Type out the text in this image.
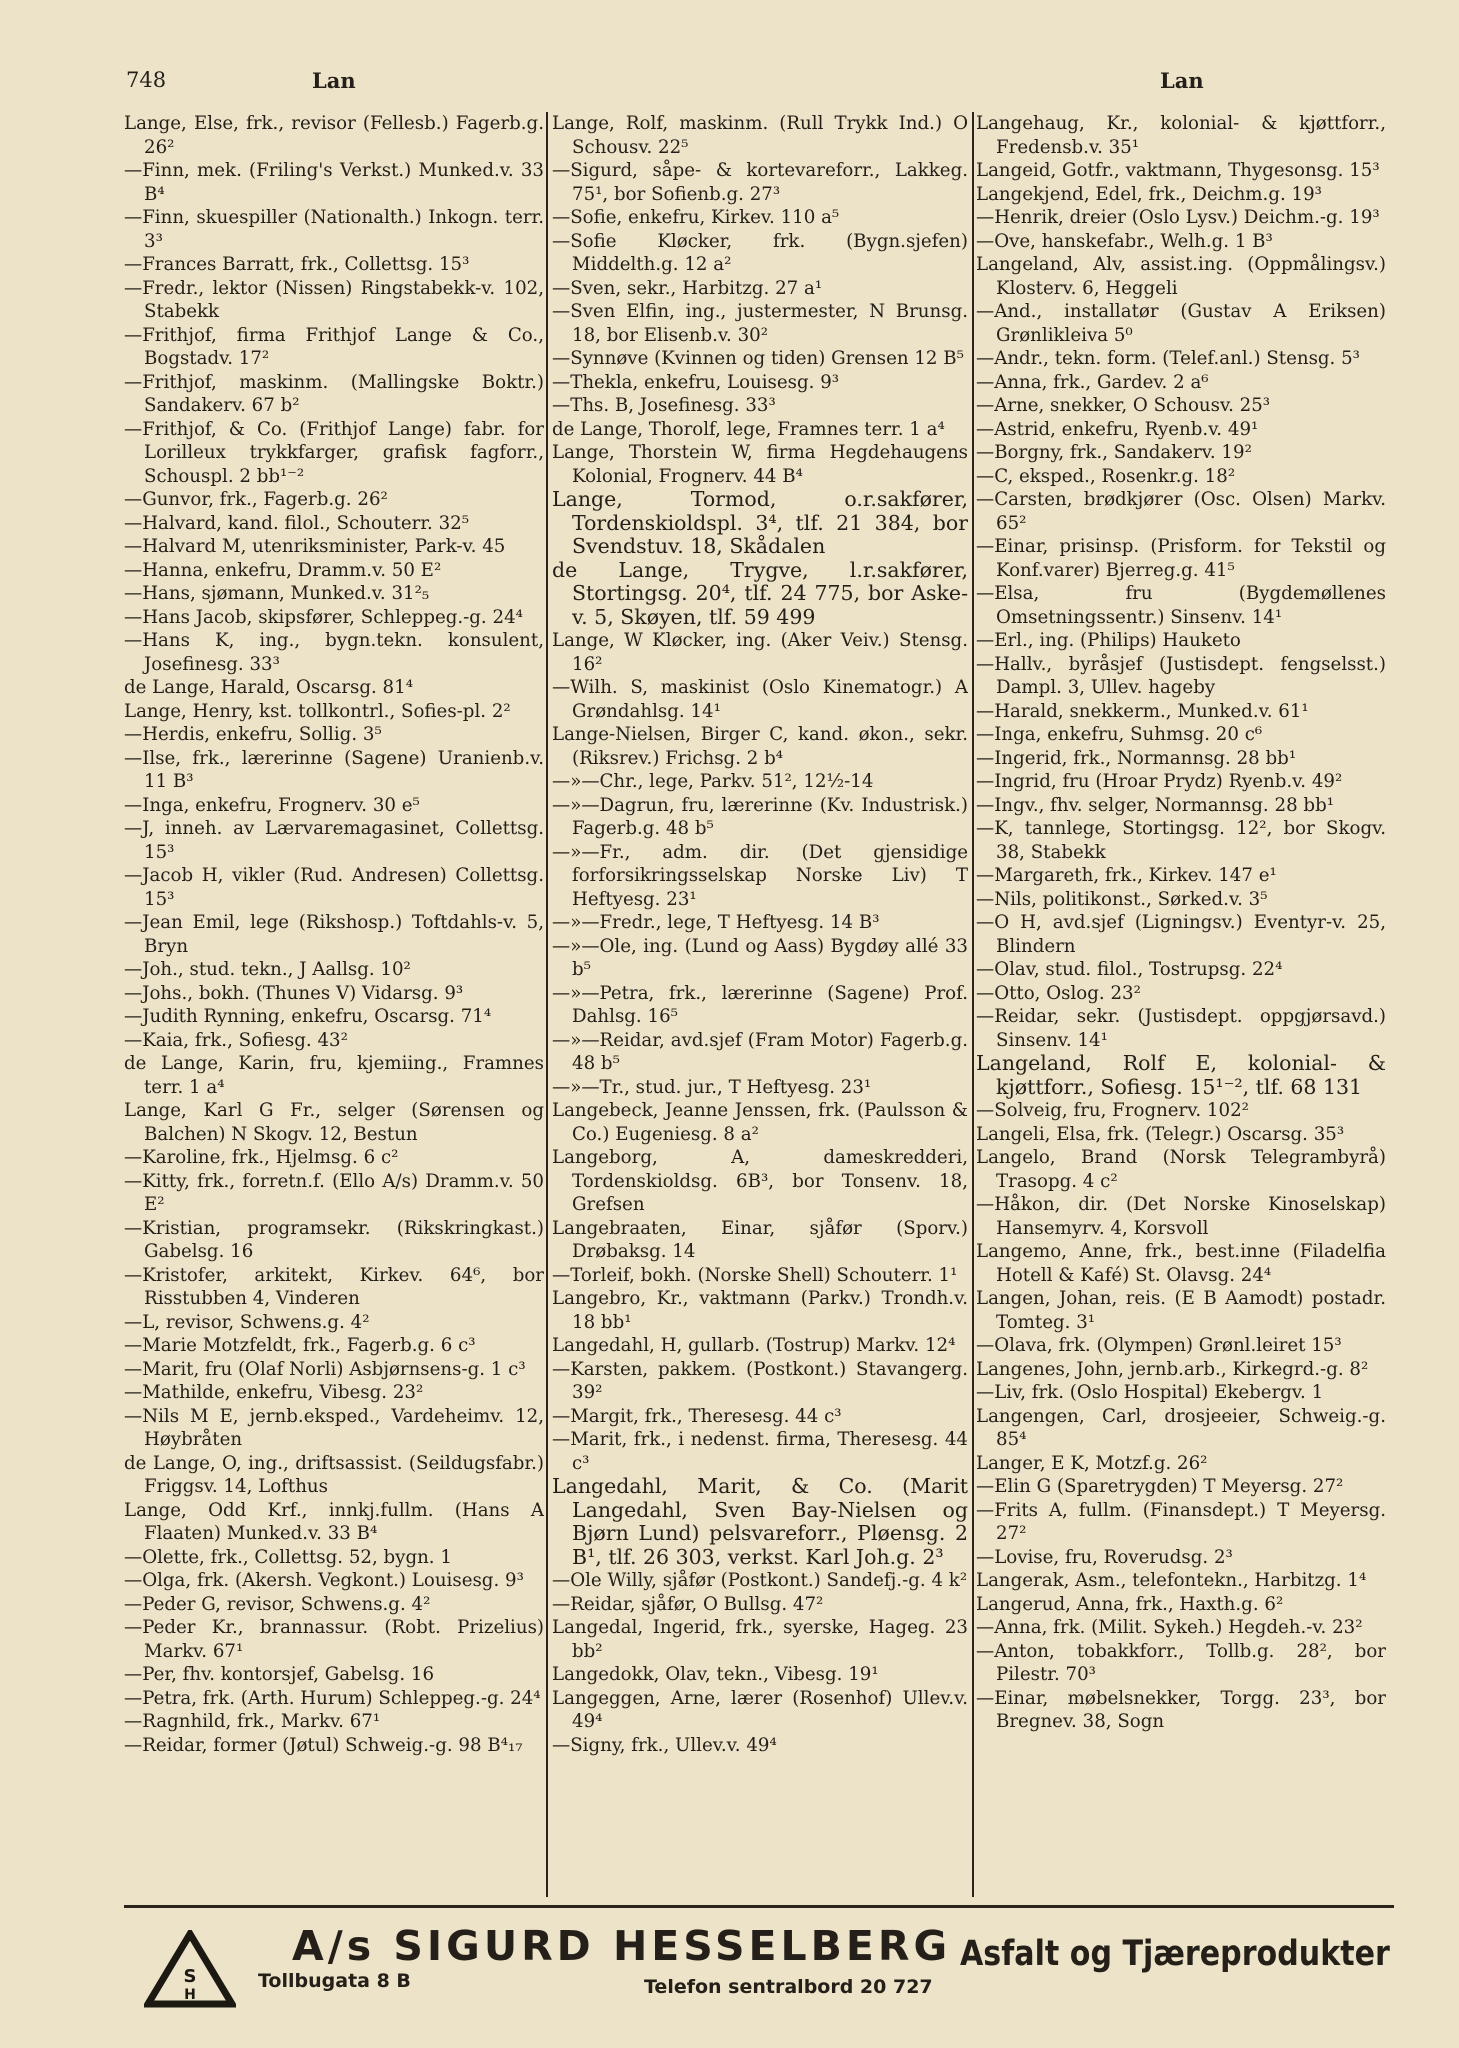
748	Lan	Lan
Lange, Else, frk., revisor (Fellesb.) Fagerb.g. 26²
—Finn, mek. (Friling's Verkst.) Munked.v. 33 B⁴
—Finn, skuespiller (Nationalth.) Inkogn. terr. 3³
—Frances Barratt, frk., Collettsg. 15³
—Fredr., lektor (Nissen) Ringstabekk-v. 102, Stabekk
—Frithjof, firma Frithjof Lange & Co., Bogstadv. 17²
—Frithjof, maskinm. (Mallingske Boktr.) Sandakerv. 67 b²
—Frithjof, & Co. (Frithjof Lange) fabr. for Lorilleux trykkfarger, grafisk fagforr., Schouspl. 2 bb¹⁻²
—Gunvor, frk., Fagerb.g. 26²
—Halvard, kand. filol., Schouterr. 32⁵
—Halvard M, utenriksminister, Park-v. 45
—Hanna, enkefru, Dramm.v. 50 E²
—Hans, sjømann, Munked.v. 31²₅
—Hans Jacob, skipsfører, Schleppeg.-g. 24⁴
—Hans K, ing., bygn.tekn. konsulent, Josefinesg. 33³
de Lange, Harald, Oscarsg. 81⁴
Lange, Henry, kst. tollkontrl., Sofies-pl. 2²
—Herdis, enkefru, Sollig. 3⁵
—Ilse, frk., lærerinne (Sagene) Uranienb.v. 11 B³
—Inga, enkefru, Frognerv. 30 e⁵
—J, inneh. av Lærvaremagasinet, Collettsg. 15³
—Jacob H, vikler (Rud. Andresen) Collettsg. 15³
—Jean Emil, lege (Rikshosp.) Toftdahls-v. 5, Bryn
—Joh., stud. tekn., J Aallsg. 10²
—Johs., bokh. (Thunes V) Vidarsg. 9³
—Judith Rynning, enkefru, Oscarsg. 71⁴
—Kaia, frk., Sofiesg. 43²
de Lange, Karin, fru, kjemiing., Framnes terr. 1 a⁴
Lange, Karl G Fr., selger (Sørensen og Balchen) N Skogv. 12, Bestun
—Karoline, frk., Hjelmsg. 6 c²
—Kitty, frk., forretn.f. (Ello A/s) Dramm.v. 50 E²
—Kristian, programsekr. (Rikskringkast.) Gabelsg. 16
—Kristofer, arkitekt, Kirkev. 64⁶, bor Risstubben 4, Vinderen
—L, revisor, Schwens.g. 4²
—Marie Motzfeldt, frk., Fagerb.g. 6 c³
—Marit, fru (Olaf Norli) Asbjørnsens-g. 1 c³
—Mathilde, enkefru, Vibesg. 23²
—Nils M E, jernb.eksped., Vardeheimv. 12, Høybråten
de Lange, O, ing., driftsassist. (Seildugsfabr.) Friggsv. 14, Lofthus
Lange, Odd Krf., innkj.fullm. (Hans A Flaaten) Munked.v. 33 B⁴
—Olette, frk., Collettsg. 52, bygn. 1
—Olga, frk. (Akersh. Vegkont.) Louisesg. 9³
—Peder G, revisor, Schwens.g. 4²
—Peder Kr., brannassur. (Robt. Prizelius) Markv. 67¹
—Per, fhv. kontorsjef, Gabelsg. 16
—Petra, frk. (Arth. Hurum) Schleppeg.-g. 24⁴
—Ragnhild, frk., Markv. 67¹
—Reidar, former (Jøtul) Schweig.-g. 98 B⁴₁₇
Lange, Rolf, maskinm. (Rull Trykk Ind.) O Schousv. 22⁵
—Sigurd, såpe- & kortevareforr., Lakkeg. 75¹, bor Sofienb.g. 27³
—Sofie, enkefru, Kirkev. 110 a⁵
—Sofie Kløcker, frk. (Bygn.sjefen) Middelth.g. 12 a²
—Sven, sekr., Harbitzg. 27 a¹
—Sven Elfin, ing., justermester, N Brunsg. 18, bor Elisenb.v. 30²
—Synnøve (Kvinnen og tiden) Grensen 12 B⁵
—Thekla, enkefru, Louisesg. 9³
—Ths. B, Josefinesg. 33³
de Lange, Thorolf, lege, Framnes terr. 1 a⁴
Lange, Thorstein W, firma Hegdehaugens Kolonial, Frognerv. 44 B⁴
Lange, Tormod, o.r.sakfører, Tordenskioldspl. 3⁴, tlf. 21 384, bor Svendstuv. 18, Skådalen
de Lange, Trygve, l.r.sakfører, Stortingsg. 20⁴, tlf. 24 775, bor Aske-v. 5, Skøyen, tlf. 59 499
Lange, W Kløcker, ing. (Aker Veiv.) Stensg. 16²
—Wilh. S, maskinist (Oslo Kinematogr.) A Grøndahlsg. 14¹
Lange-Nielsen, Birger C, kand. økon., sekr. (Riksrev.) Frichsg. 2 b⁴
—»—Chr., lege, Parkv. 51², 12½-14
—»—Dagrun, fru, lærerinne (Kv. Industrisk.) Fagerb.g. 48 b⁵
—»—Fr., adm. dir. (Det gjensidige forforsikringsselskap Norske Liv) T Heftyesg. 23¹
—»—Fredr., lege, T Heftyesg. 14 B³
—»—Ole, ing. (Lund og Aass) Bygdøy allé 33 b⁵
—»—Petra, frk., lærerinne (Sagene) Prof. Dahlsg. 16⁵
—»—Reidar, avd.sjef (Fram Motor) Fagerb.g. 48 b⁵
—»—Tr., stud. jur., T Heftyesg. 23¹
Langebeck, Jeanne Jenssen, frk. (Paulsson & Co.) Eugeniesg. 8 a²
Langeborg, A, dameskredderi, Tordenskioldsg. 6B³, bor Tonsenv. 18, Grefsen
Langebraaten, Einar, sjåfør (Sporv.) Drøbaksg. 14
—Torleif, bokh. (Norske Shell) Schouterr. 1¹
Langebro, Kr., vaktmann (Parkv.) Trondh.v. 18 bb¹
Langedahl, H, gullarb. (Tostrup) Markv. 12⁴
—Karsten, pakkem. (Postkont.) Stavangerg. 39²
—Margit, frk., Theresesg. 44 c³
—Marit, frk., i nedenst. firma, Theresesg. 44 c³
Langedahl, Marit, & Co. (Marit Langedahl, Sven Bay-Nielsen og Bjørn Lund) pelsvareforr., Pløensg. 2 B¹, tlf. 26 303, verkst. Karl Joh.g. 2³
—Ole Willy, sjåfør (Postkont.) Sandefj.-g. 4 k²
—Reidar, sjåfør, O Bullsg. 47²
Langedal, Ingerid, frk., syerske, Hageg. 23 bb²
Langedokk, Olav, tekn., Vibesg. 19¹
Langeggen, Arne, lærer (Rosenhof) Ullev.v. 49⁴
—Signy, frk., Ullev.v. 49⁴
Langehaug, Kr., kolonial- & kjøttforr., Fredensb.v. 35¹
Langeid, Gotfr., vaktmann, Thygesonsg. 15³
Langekjend, Edel, frk., Deichm.g. 19³
—Henrik, dreier (Oslo Lysv.) Deichm.-g. 19³
—Ove, hanskefabr., Welh.g. 1 B³
Langeland, Alv, assist.ing. (Oppmålingsv.) Klosterv. 6, Heggeli
—And., installatør (Gustav A Eriksen) Grønlikleiva 5⁰
—Andr., tekn. form. (Telef.anl.) Stensg. 5³
—Anna, frk., Gardev. 2 a⁶
—Arne, snekker, O Schousv. 25³
—Astrid, enkefru, Ryenb.v. 49¹
—Borgny, frk., Sandakerv. 19²
—C, eksped., Rosenkr.g. 18²
—Carsten, brødkjører (Osc. Olsen) Markv. 65²
—Einar, prisinsp. (Prisform. for Tekstil og Konf.varer) Bjerreg.g. 41⁵
—Elsa, fru (Bygdemøllenes Omsetningssentr.) Sinsenv. 14¹
—Erl., ing. (Philips) Hauketo
—Hallv., byråsjef (Justisdept. fengselsst.) Dampl. 3, Ullev. hageby
—Harald, snekkerm., Munked.v. 61¹
—Inga, enkefru, Suhmsg. 20 c⁶
—Ingerid, frk., Normannsg. 28 bb¹
—Ingrid, fru (Hroar Prydz) Ryenb.v. 49²
—Ingv., fhv. selger, Normannsg. 28 bb¹
—K, tannlege, Stortingsg. 12², bor Skogv. 38, Stabekk
—Margareth, frk., Kirkev. 147 e¹
—Nils, politikonst., Sørked.v. 3⁵
—O H, avd.sjef (Ligningsv.) Eventyr-v. 25, Blindern
—Olav, stud. filol., Tostrupsg. 22⁴
—Otto, Oslog. 23²
—Reidar, sekr. (Justisdept. oppgjørsavd.) Sinsenv. 14¹
Langeland, Rolf E, kolonial- & kjøttforr., Sofiesg. 15¹⁻², tlf. 68 131
—Solveig, fru, Frognerv. 102²
Langeli, Elsa, frk. (Telegr.) Oscarsg. 35³
Langelo, Brand (Norsk Telegrambyrå) Trasopg. 4 c²
—Håkon, dir. (Det Norske Kinoselskap) Hansemyrv. 4, Korsvoll
Langemo, Anne, frk., best.inne (Filadelfia Hotell & Kafé) St. Olavsg. 24⁴
Langen, Johan, reis. (E B Aamodt) postadr. Tomteg. 3¹
—Olava, frk. (Olympen) Grønl.leiret 15³
Langenes, John, jernb.arb., Kirkegrd.-g. 8²
—Liv, frk. (Oslo Hospital) Ekebergv. 1
Langengen, Carl, drosjeeier, Schweig.-g. 85⁴
Langer, E K, Motzf.g. 26²
—Elin G (Sparetrygden) T Meyersg. 27²
—Frits A, fullm. (Finansdept.) T Meyersg. 27²
—Lovise, fru, Roverudsg. 2³
Langerak, Asm., telefontekn., Harbitzg. 1⁴
Langerud, Anna, frk., Haxth.g. 6²
—Anna, frk. (Milit. Sykeh.) Hegdeh.-v. 23²
—Anton, tobakkforr., Tollb.g. 28², bor Pilestr. 70³
—Einar, møbelsnekker, Torgg. 23³, bor Bregnev. 38, Sogn
S
H
A/s SIGURD HESSELBERG
Tollbugata 8 B	Telefon sentralbord 20 727
Asfalt og Tjæreprodukter
